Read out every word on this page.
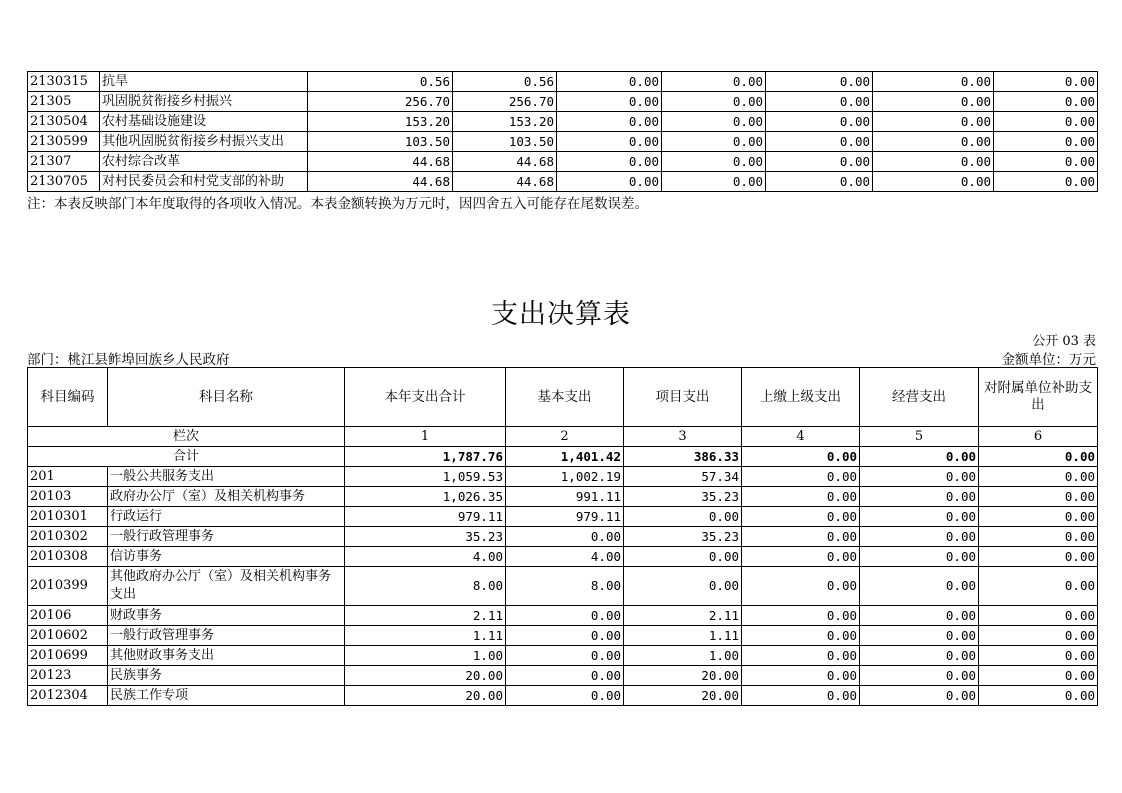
2130315	抗旱	0.56	0.56	0.00	0.00	0.00	0.00	0.00
21305	巩固脱贫衔接乡村振兴	256.70	256.70	0.00	0.00	0.00	0.00	0.00
2130504	农村基础设施建设	153.20	153.20	0.00	0.00	0.00	0.00	0.00
2130599	其他巩固脱贫衔接乡村振兴支出	103.50	103.50	0.00	0.00	0.00	0.00	0.00
21307	农村综合改革	44.68	44.68	0.00	0.00	0.00	0.00	0.00
2130705	对村民委员会和村党支部的补助	44.68	44.68	0.00	0.00	0.00	0.00	0.00
注：本表反映部门本年度取得的各项收入情况。本表金额转换为万元时，因四舍五入可能存在尾数误差。
支出决算表
公开 03 表
部门：桃江县鲊埠回族乡人民政府	金额单位：万元
科目编码	科目名称	本年支出合计	基本支出	项目支出	上缴上级支出	经营支出	对附属单位补助支出
栏次		1	2	3	4	5	6
合计		1,787.76	1,401.42	386.33	0.00	0.00	0.00
201	一般公共服务支出	1,059.53	1,002.19	57.34	0.00	0.00	0.00
20103	政府办公厅（室）及相关机构事务	1,026.35	991.11	35.23	0.00	0.00	0.00
2010301	行政运行	979.11	979.11	0.00	0.00	0.00	0.00
2010302	一般行政管理事务	35.23	0.00	35.23	0.00	0.00	0.00
2010308	信访事务	4.00	4.00	0.00	0.00	0.00	0.00
2010399	其他政府办公厅（室）及相关机构事务支出	8.00	8.00	0.00	0.00	0.00	0.00
20106	财政事务	2.11	0.00	2.11	0.00	0.00	0.00
2010602	一般行政管理事务	1.11	0.00	1.11	0.00	0.00	0.00
2010699	其他财政事务支出	1.00	0.00	1.00	0.00	0.00	0.00
20123	民族事务	20.00	0.00	20.00	0.00	0.00	0.00
2012304	民族工作专项	20.00	0.00	20.00	0.00	0.00	0.00
